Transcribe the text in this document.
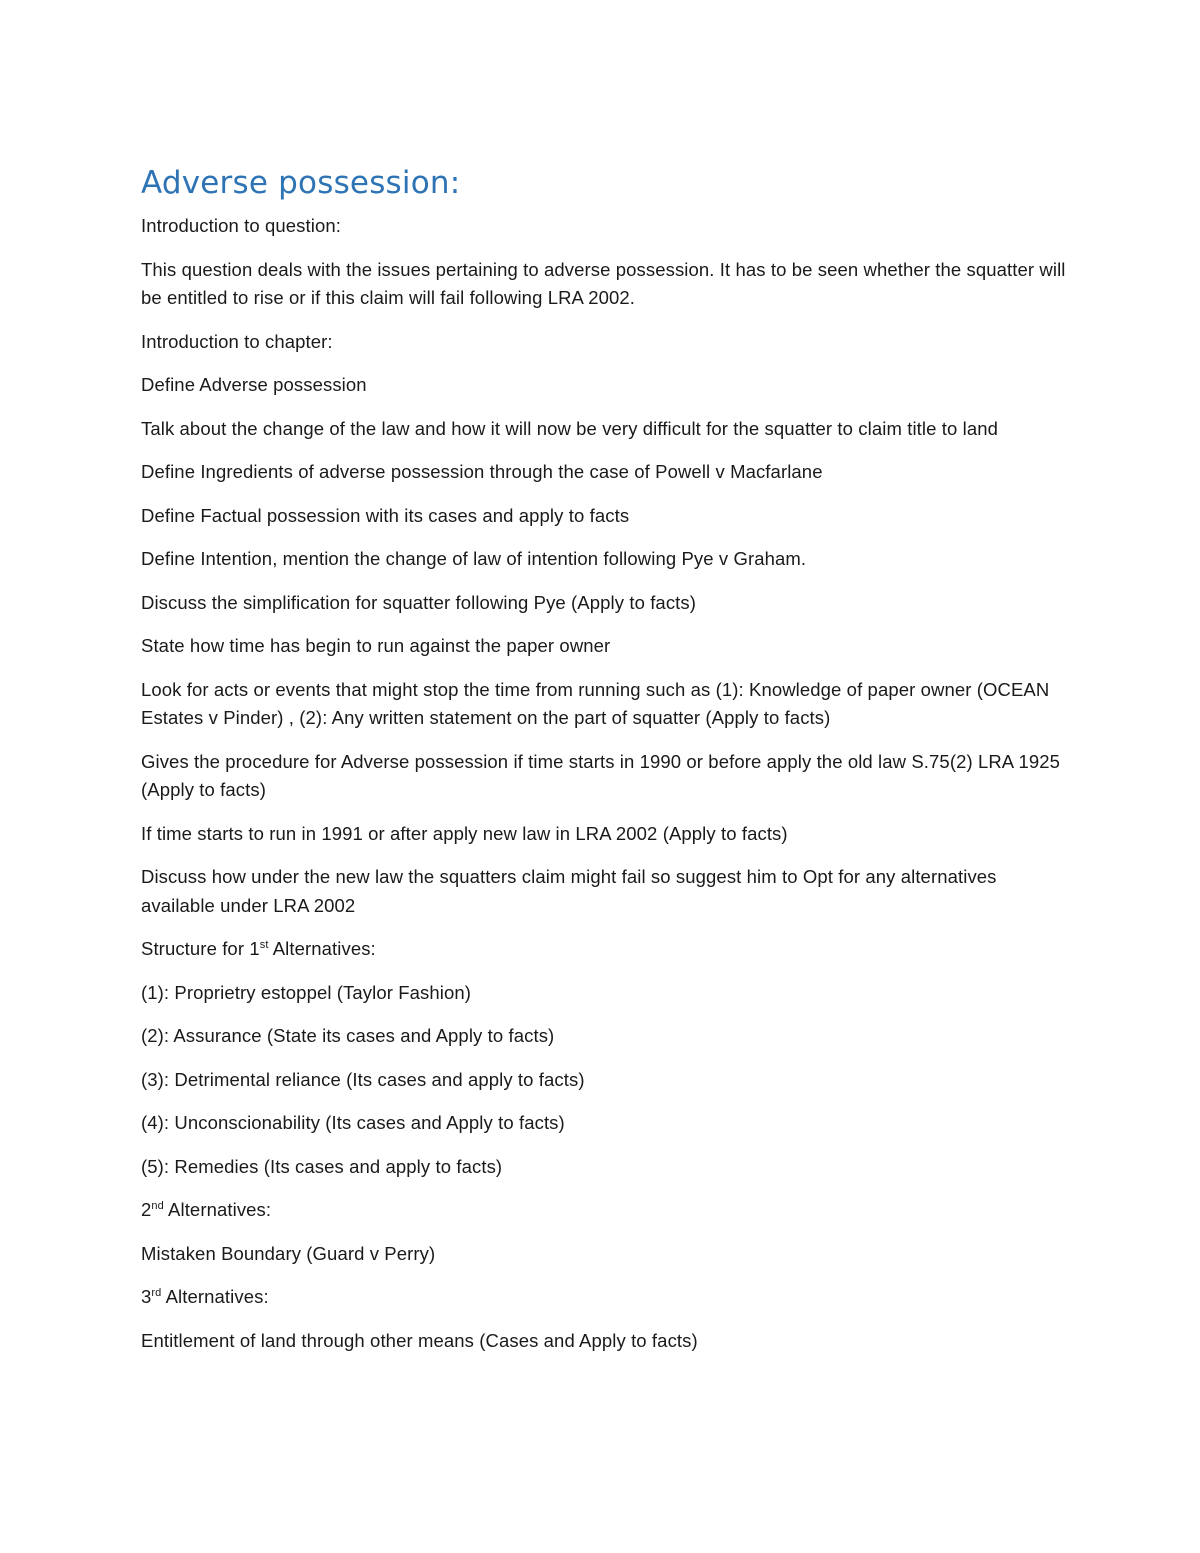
Adverse possession:

Introduction to question:

This question deals with the issues pertaining to adverse possession. It has to be seen whether the squatter will be entitled to rise or if this claim will fail following LRA 2002.

Introduction to chapter:

Define Adverse possession

Talk about the change of the law and how it will now be very difficult for the squatter to claim title to land

Define Ingredients of adverse possession through the case of Powell v Macfarlane

Define Factual possession with its cases and apply to facts

Define Intention, mention the change of law of intention following Pye v Graham.

Discuss the simplification for squatter following Pye (Apply to facts)

State how time has begin to run against the paper owner

Look for acts or events that might stop the time from running such as (1): Knowledge of paper owner (OCEAN Estates v Pinder) , (2): Any written statement on the part of squatter (Apply to facts)

Gives the procedure for Adverse possession if time starts in 1990 or before apply the old law S.75(2) LRA 1925 (Apply to facts)

If time starts to run in 1991 or after apply new law in LRA 2002 (Apply to facts)

Discuss how under the new law the squatters claim might fail so suggest him to Opt for any alternatives available under LRA 2002

Structure for 1st Alternatives:

(1): Proprietry estoppel (Taylor Fashion)

(2): Assurance (State its cases and Apply to facts)

(3): Detrimental reliance (Its cases and apply to facts)

(4): Unconscionability (Its cases and Apply to facts)

(5): Remedies (Its cases and apply to facts)

2nd Alternatives:

Mistaken Boundary (Guard v Perry)

3rd Alternatives:

Entitlement of land through other means (Cases and Apply to facts)
